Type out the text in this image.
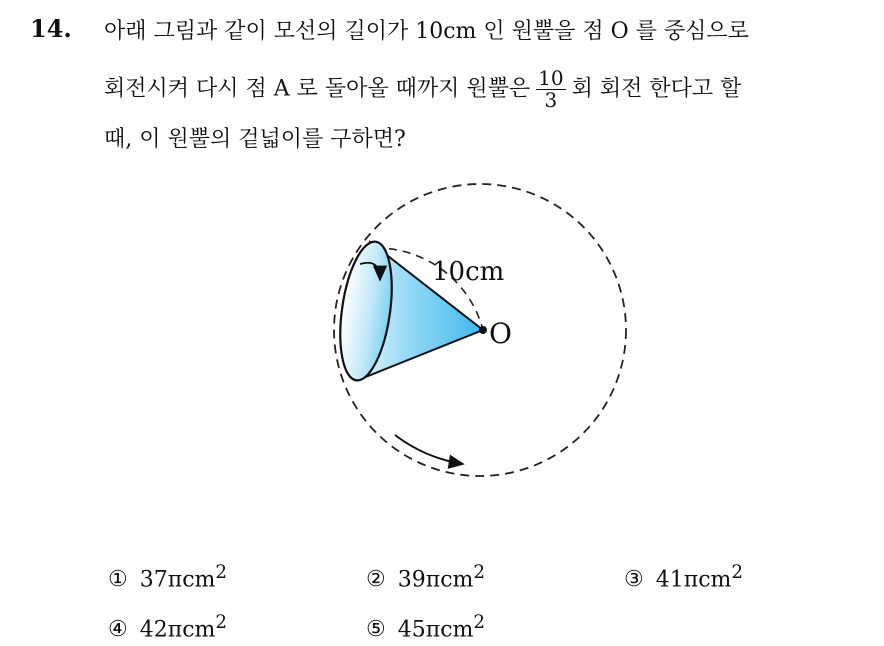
14. 아래 그림과 같이 모선의 길이가 10cm 인 원뿔을 점 O 를 중심으로
회전시켜 다시 점 A 로 돌아올 때까지 원뿔은 $\frac{10}{3}$ 회 회전 한다고 할
때, 이 원뿔의 겉넓이를 구하면?
10cm
O
① 37πcm$^2$	② 39πcm$^2$	③ 41πcm$^2$
④ 42πcm$^2$	⑤ 45πcm$^2$
